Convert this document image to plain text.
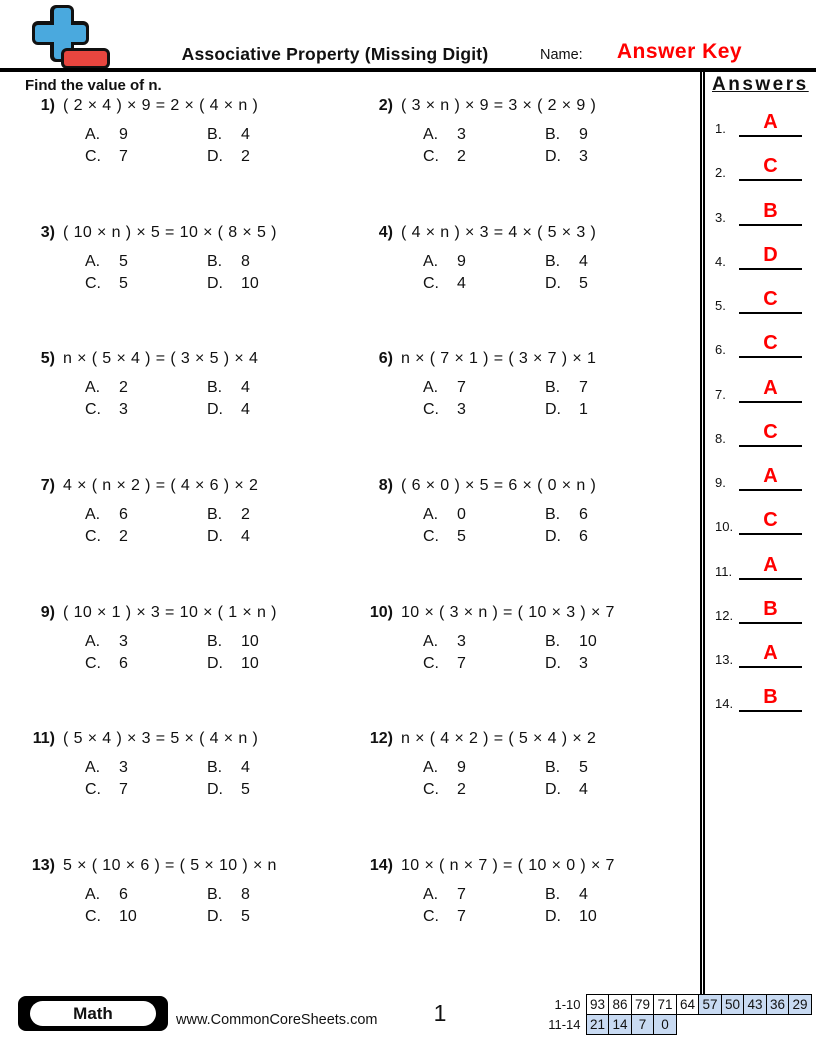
Associative Property (Missing Digit)	Name:	Answer Key
Find the value of n.
1) ( 2 × 4 ) × 9 = 2 × ( 4 × n )
A.	9	B.	4
C.	7	D.	2
2) ( 3 × n ) × 9 = 3 × ( 2 × 9 )
A.	3	B.	9
C.	2	D.	3
3) ( 10 × n ) × 5 = 10 × ( 8 × 5 )
A.	5	B.	8
C.	5	D.	10
4) ( 4 × n ) × 3 = 4 × ( 5 × 3 )
A.	9	B.	4
C.	4	D.	5
5) n × ( 5 × 4 ) = ( 3 × 5 ) × 4
A.	2	B.	4
C.	3	D.	4
6) n × ( 7 × 1 ) = ( 3 × 7 ) × 1
A.	7	B.	7
C.	3	D.	1
7) 4 × ( n × 2 ) = ( 4 × 6 ) × 2
A.	6	B.	2
C.	2	D.	4
8) ( 6 × 0 ) × 5 = 6 × ( 0 × n )
A.	0	B.	6
C.	5	D.	6
9) ( 10 × 1 ) × 3 = 10 × ( 1 × n )
A.	3	B.	10
C.	6	D.	10
10) 10 × ( 3 × n ) = ( 10 × 3 ) × 7
A.	3	B.	10
C.	7	D.	3
11) ( 5 × 4 ) × 3 = 5 × ( 4 × n )
A.	3	B.	4
C.	7	D.	5
12) n × ( 4 × 2 ) = ( 5 × 4 ) × 2
A.	9	B.	5
C.	2	D.	4
13) 5 × ( 10 × 6 ) = ( 5 × 10 ) × n
A.	6	B.	8
C.	10	D.	5
14) 10 × ( n × 7 ) = ( 10 × 0 ) × 7
A.	7	B.	4
C.	7	D.	10
Answers
1.	A
2.	C
3.	B
4.	D
5.	C
6.	C
7.	A
8.	C
9.	A
10.	C
11.	A
12.	B
13.	A
14.	B
Math	www.CommonCoreSheets.com	1	1-10 93 86 79 71 64 57 50 43 36 29
11-14 21 14 7	0
